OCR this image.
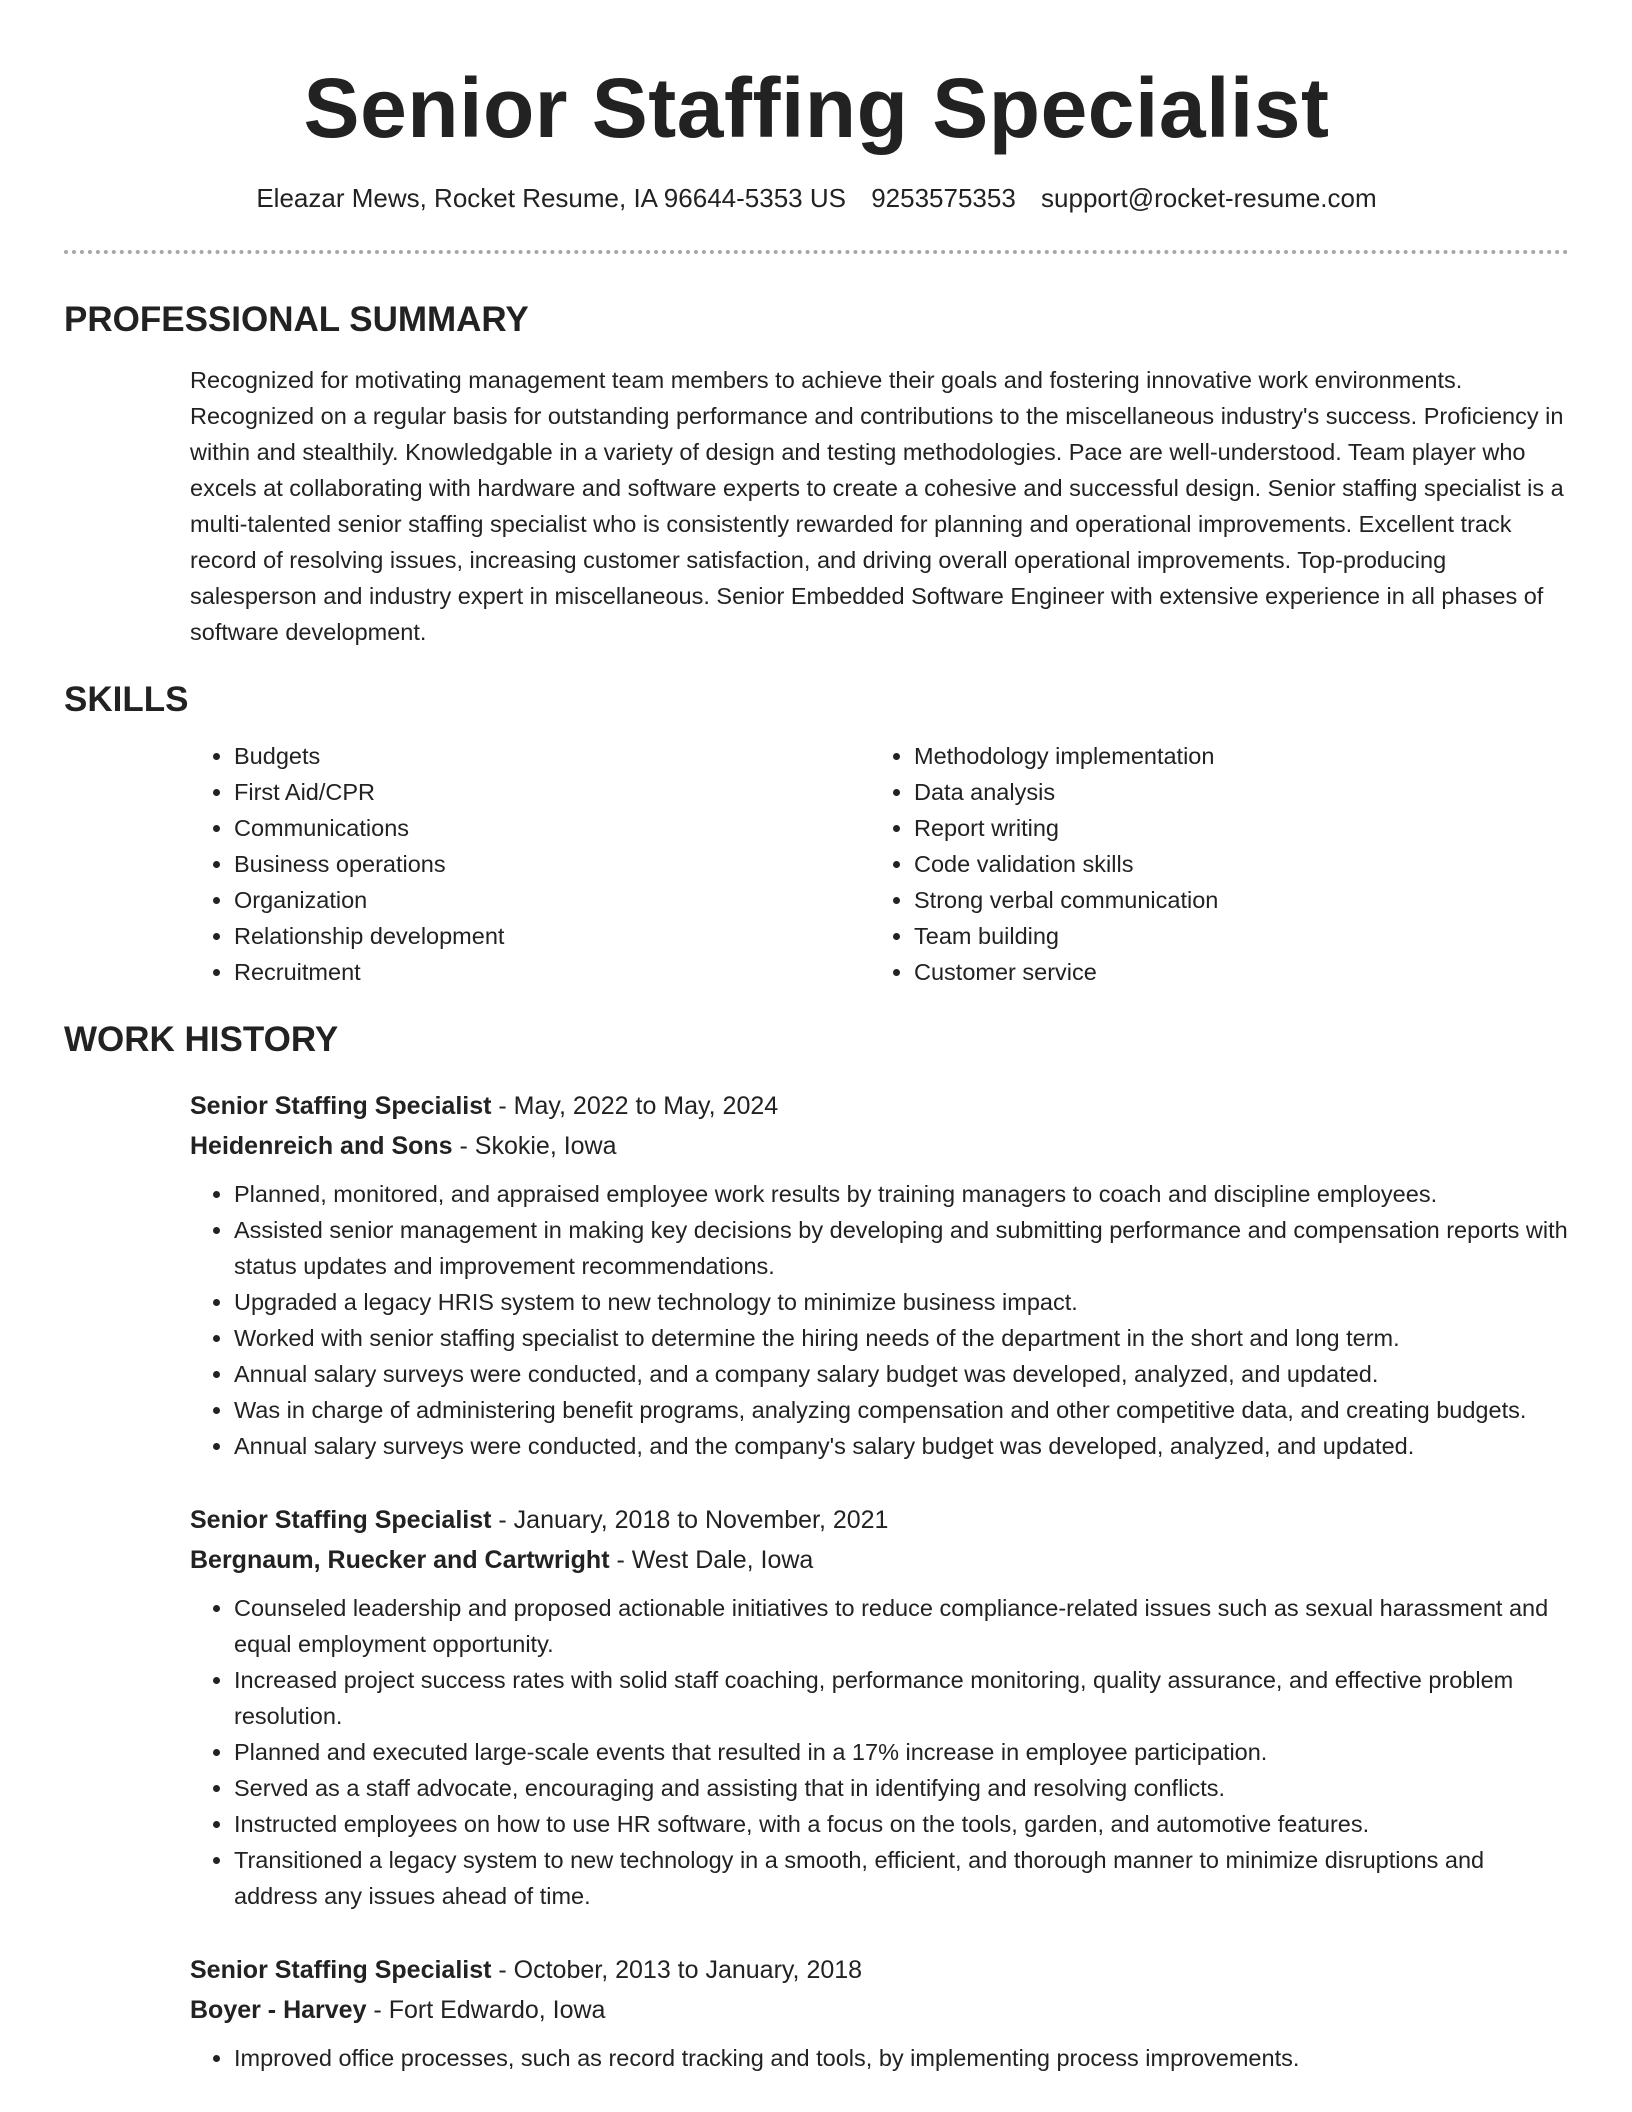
Senior Staffing Specialist
Eleazar Mews, Rocket Resume, IA 96644-5353 US 9253575353 support@rocket-resume.com
PROFESSIONAL SUMMARY

Recognized for motivating management team members to achieve their goals and fostering innovative work environments. Recognized on a regular basis for outstanding performance and contributions to the miscellaneous industry's success. Proficiency in within and stealthily. Knowledgable in a variety of design and testing methodologies. Pace are well-understood. Team player who excels at collaborating with hardware and software experts to create a cohesive and successful design. Senior staffing specialist is a multi-talented senior staffing specialist who is consistently rewarded for planning and operational improvements. Excellent track record of resolving issues, increasing customer satisfaction, and driving overall operational improvements. Top-producing salesperson and industry expert in miscellaneous. Senior Embedded Software Engineer with extensive experience in all phases of software development.

SKILLS
• Budgets
• First Aid/CPR
• Communications
• Business operations
• Organization
• Relationship development
• Recruitment
• Methodology implementation
• Data analysis
• Report writing
• Code validation skills
• Strong verbal communication
• Team building
• Customer service
WORK HISTORY
Senior Staffing Specialist - May, 2022 to May, 2024
Heidenreich and Sons - Skokie, Iowa
• Planned, monitored, and appraised employee work results by training managers to coach and discipline employees.
• Assisted senior management in making key decisions by developing and submitting performance and compensation reports with status updates and improvement recommendations.
• Upgraded a legacy HRIS system to new technology to minimize business impact.
• Worked with senior staffing specialist to determine the hiring needs of the department in the short and long term.
• Annual salary surveys were conducted, and a company salary budget was developed, analyzed, and updated.
• Was in charge of administering benefit programs, analyzing compensation and other competitive data, and creating budgets.
• Annual salary surveys were conducted, and the company's salary budget was developed, analyzed, and updated.
Senior Staffing Specialist - January, 2018 to November, 2021
Bergnaum, Ruecker and Cartwright - West Dale, Iowa
• Counseled leadership and proposed actionable initiatives to reduce compliance-related issues such as sexual harassment and equal employment opportunity.
• Increased project success rates with solid staff coaching, performance monitoring, quality assurance, and effective problem resolution.
• Planned and executed large-scale events that resulted in a 17% increase in employee participation.
• Served as a staff advocate, encouraging and assisting that in identifying and resolving conflicts.
• Instructed employees on how to use HR software, with a focus on the tools, garden, and automotive features.
• Transitioned a legacy system to new technology in a smooth, efficient, and thorough manner to minimize disruptions and address any issues ahead of time.
Senior Staffing Specialist - October, 2013 to January, 2018
Boyer - Harvey - Fort Edwardo, Iowa
• Improved office processes, such as record tracking and tools, by implementing process improvements.
